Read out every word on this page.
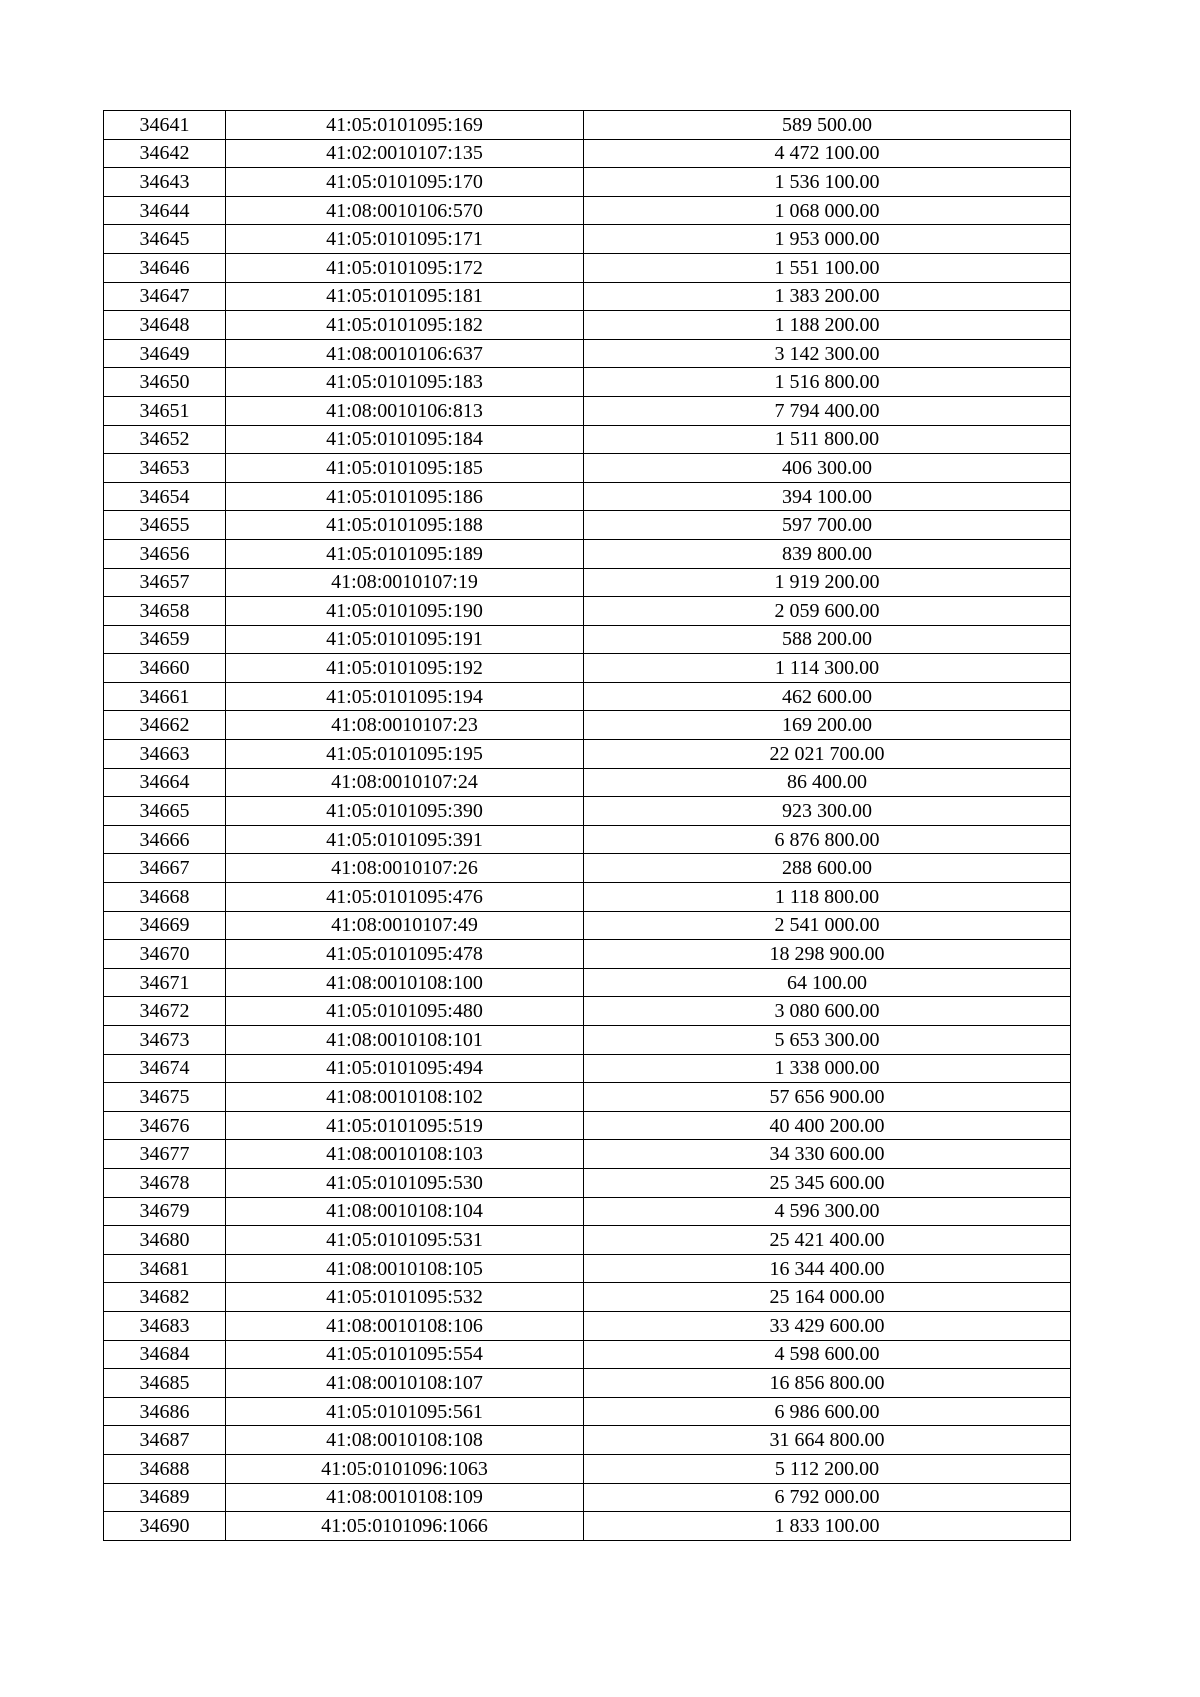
34641	41:05:0101095:169	589 500.00
34642	41:02:0010107:135	4 472 100.00
34643	41:05:0101095:170	1 536 100.00
34644	41:08:0010106:570	1 068 000.00
34645	41:05:0101095:171	1 953 000.00
34646	41:05:0101095:172	1 551 100.00
34647	41:05:0101095:181	1 383 200.00
34648	41:05:0101095:182	1 188 200.00
34649	41:08:0010106:637	3 142 300.00
34650	41:05:0101095:183	1 516 800.00
34651	41:08:0010106:813	7 794 400.00
34652	41:05:0101095:184	1 511 800.00
34653	41:05:0101095:185	406 300.00
34654	41:05:0101095:186	394 100.00
34655	41:05:0101095:188	597 700.00
34656	41:05:0101095:189	839 800.00
34657	41:08:0010107:19	1 919 200.00
34658	41:05:0101095:190	2 059 600.00
34659	41:05:0101095:191	588 200.00
34660	41:05:0101095:192	1 114 300.00
34661	41:05:0101095:194	462 600.00
34662	41:08:0010107:23	169 200.00
34663	41:05:0101095:195	22 021 700.00
34664	41:08:0010107:24	86 400.00
34665	41:05:0101095:390	923 300.00
34666	41:05:0101095:391	6 876 800.00
34667	41:08:0010107:26	288 600.00
34668	41:05:0101095:476	1 118 800.00
34669	41:08:0010107:49	2 541 000.00
34670	41:05:0101095:478	18 298 900.00
34671	41:08:0010108:100	64 100.00
34672	41:05:0101095:480	3 080 600.00
34673	41:08:0010108:101	5 653 300.00
34674	41:05:0101095:494	1 338 000.00
34675	41:08:0010108:102	57 656 900.00
34676	41:05:0101095:519	40 400 200.00
34677	41:08:0010108:103	34 330 600.00
34678	41:05:0101095:530	25 345 600.00
34679	41:08:0010108:104	4 596 300.00
34680	41:05:0101095:531	25 421 400.00
34681	41:08:0010108:105	16 344 400.00
34682	41:05:0101095:532	25 164 000.00
34683	41:08:0010108:106	33 429 600.00
34684	41:05:0101095:554	4 598 600.00
34685	41:08:0010108:107	16 856 800.00
34686	41:05:0101095:561	6 986 600.00
34687	41:08:0010108:108	31 664 800.00
34688	41:05:0101096:1063	5 112 200.00
34689	41:08:0010108:109	6 792 000.00
34690	41:05:0101096:1066	1 833 100.00
